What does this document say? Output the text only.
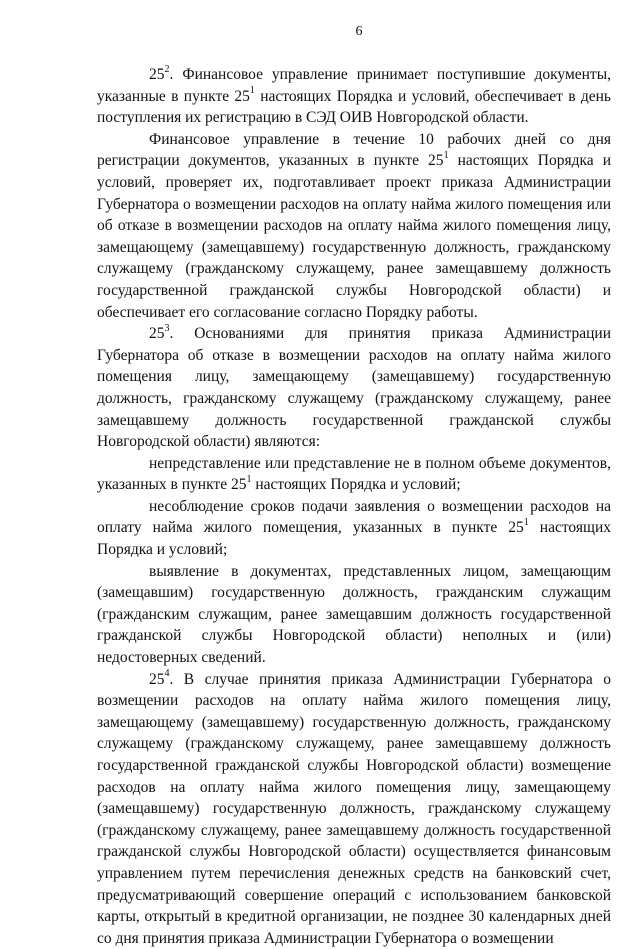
6

$25^2$. Финансовое управление принимает поступившие документы, указанные в пункте $25^1$ настоящих Порядка и условий, обеспечивает в день поступления их регистрацию в СЭД ОИВ Новгородской области.

Финансовое управление в течение 10 рабочих дней со дня регистрации документов, указанных в пункте $25^1$ настоящих Порядка и условий, проверяет их, подготавливает проект приказа Администрации Губернатора о возмещении расходов на оплату найма жилого помещения или об отказе в возмещении расходов на оплату найма жилого помещения лицу, замещающему (замещавшему) государственную должность, гражданскому служащему (гражданскому служащему, ранее замещавшему должность государственной гражданской службы Новгородской области) и обеспечивает его согласование согласно Порядку работы.

$25^3$. Основаниями для принятия приказа Администрации Губернатора об отказе в возмещении расходов на оплату найма жилого помещения лицу, замещающему (замещавшему) государственную должность, гражданскому служащему (гражданскому служащему, ранее замещавшему должность государственной гражданской службы Новгородской области) являются:

непредставление или представление не в полном объеме документов, указанных в пункте $25^1$ настоящих Порядка и условий;

несоблюдение сроков подачи заявления о возмещении расходов на оплату найма жилого помещения, указанных в пункте $25^1$ настоящих Порядка и условий;

выявление в документах, представленных лицом, замещающим (замещавшим) государственную должность, гражданским служащим (гражданским служащим, ранее замещавшим должность государственной гражданской службы Новгородской области) неполных и (или) недостоверных сведений.

$25^4$. В случае принятия приказа Администрации Губернатора о возмещении расходов на оплату найма жилого помещения лицу, замещающему (замещавшему) государственную должность, гражданскому служащему (гражданскому служащему, ранее замещавшему должность государственной гражданской службы Новгородской области) возмещение расходов на оплату найма жилого помещения лицу, замещающему (замещавшему) государственную должность, гражданскому служащему (гражданскому служащему, ранее замещавшему должность государственной гражданской службы Новгородской области) осуществляется финансовым управлением путем перечисления денежных средств на банковский счет, предусматривающий совершение операций с использованием банковской карты, открытый в кредитной организации, не позднее 30 календарных дней со дня принятия приказа Администрации Губернатора о возмещении
